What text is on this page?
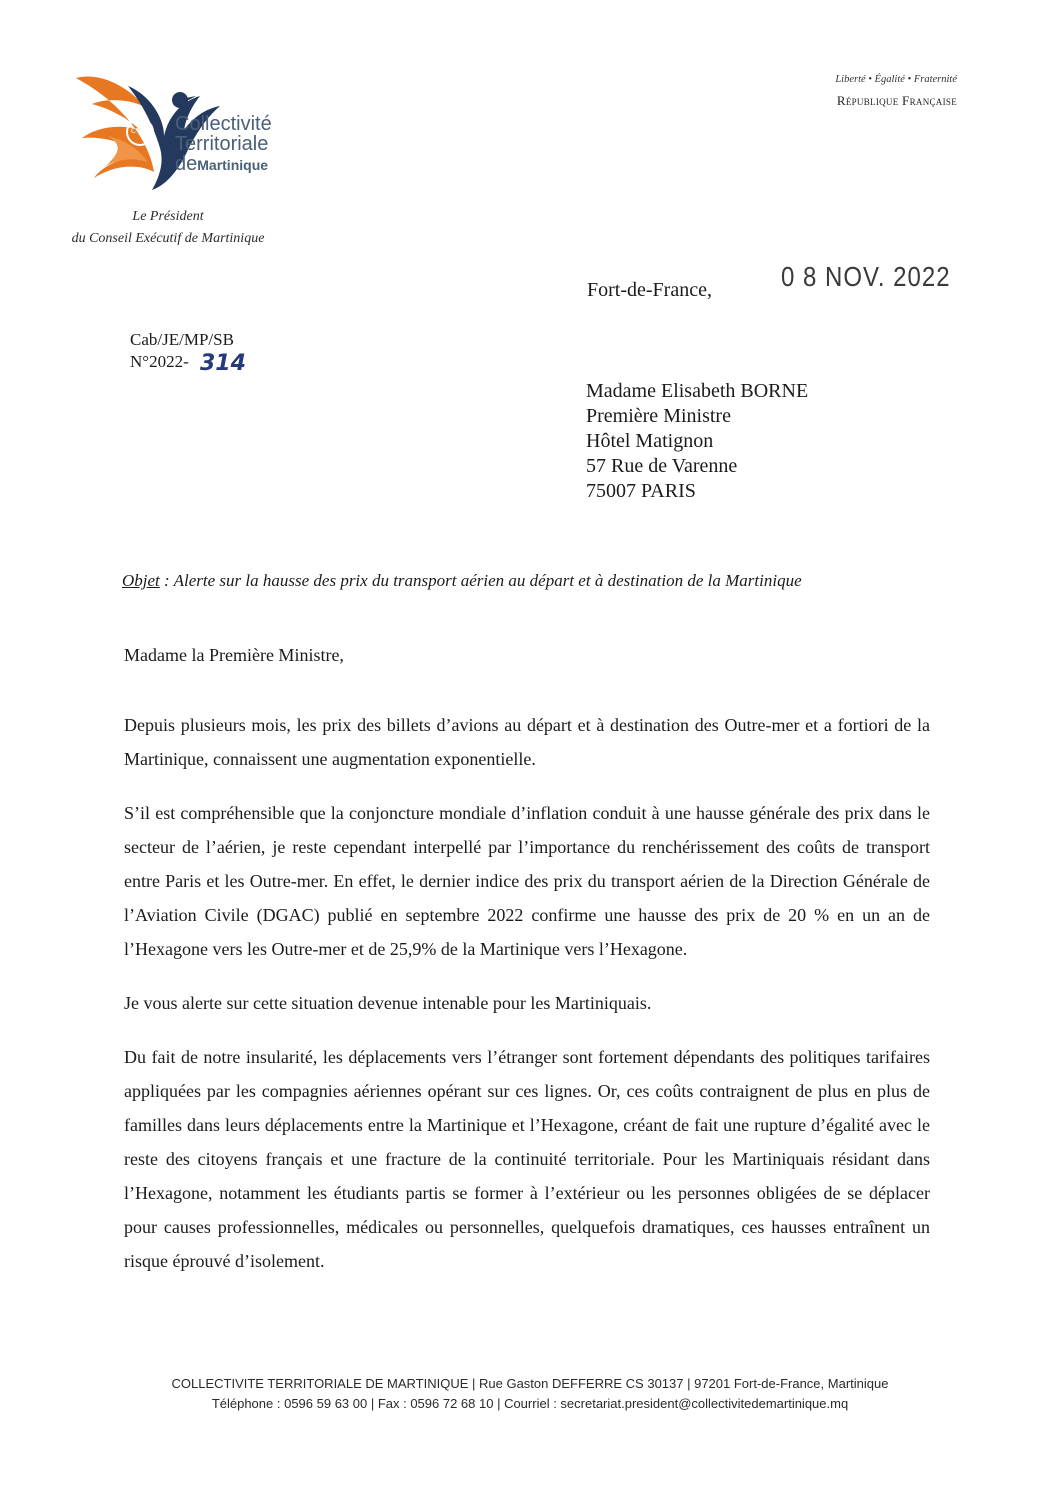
CTM Collectivité
Territoriale
deMartinique
Le Président
du Conseil Exécutif de Martinique
Liberté • Égalité • Fraternité
République Française
Fort-de-France,	0 8 NOV. 2022
Cab/JE/MP/SB
N°2022- 314
Madame Elisabeth BORNE
Première Ministre
Hôtel Matignon
57 Rue de Varenne
75007 PARIS
Objet : Alerte sur la hausse des prix du transport aérien au départ et à destination de la Martinique
Madame la Première Ministre,

Depuis plusieurs mois, les prix des billets d’avions au départ et à destination des Outre-mer et a fortiori de la Martinique, connaissent une augmentation exponentielle.

S’il est compréhensible que la conjoncture mondiale d’inflation conduit à une hausse générale des prix dans le secteur de l’aérien, je reste cependant interpellé par l’importance du renchérissement des coûts de transport entre Paris et les Outre-mer. En effet, le dernier indice des prix du transport aérien de la Direction Générale de l’Aviation Civile (DGAC) publié en septembre 2022 confirme une hausse des prix de 20 % en un an de l’Hexagone vers les Outre-mer et de 25,9% de la Martinique vers l’Hexagone.

Je vous alerte sur cette situation devenue intenable pour les Martiniquais.

Du fait de notre insularité, les déplacements vers l’étranger sont fortement dépendants des politiques tarifaires appliquées par les compagnies aériennes opérant sur ces lignes. Or, ces coûts contraignent de plus en plus de familles dans leurs déplacements entre la Martinique et l’Hexagone, créant de fait une rupture d’égalité avec le reste des citoyens français et une fracture de la continuité territoriale. Pour les Martiniquais résidant dans l’Hexagone, notamment les étudiants partis se former à l’extérieur ou les personnes obligées de se déplacer pour causes professionnelles, médicales ou personnelles, quelquefois dramatiques, ces hausses entraînent un risque éprouvé d’isolement.

COLLECTIVITE TERRITORIALE DE MARTINIQUE | Rue Gaston DEFFERRE CS 30137 | 97201 Fort-de-France, Martinique
Téléphone : 0596 59 63 00 | Fax : 0596 72 68 10 | Courriel : secretariat.president@collectivitedemartinique.mq
